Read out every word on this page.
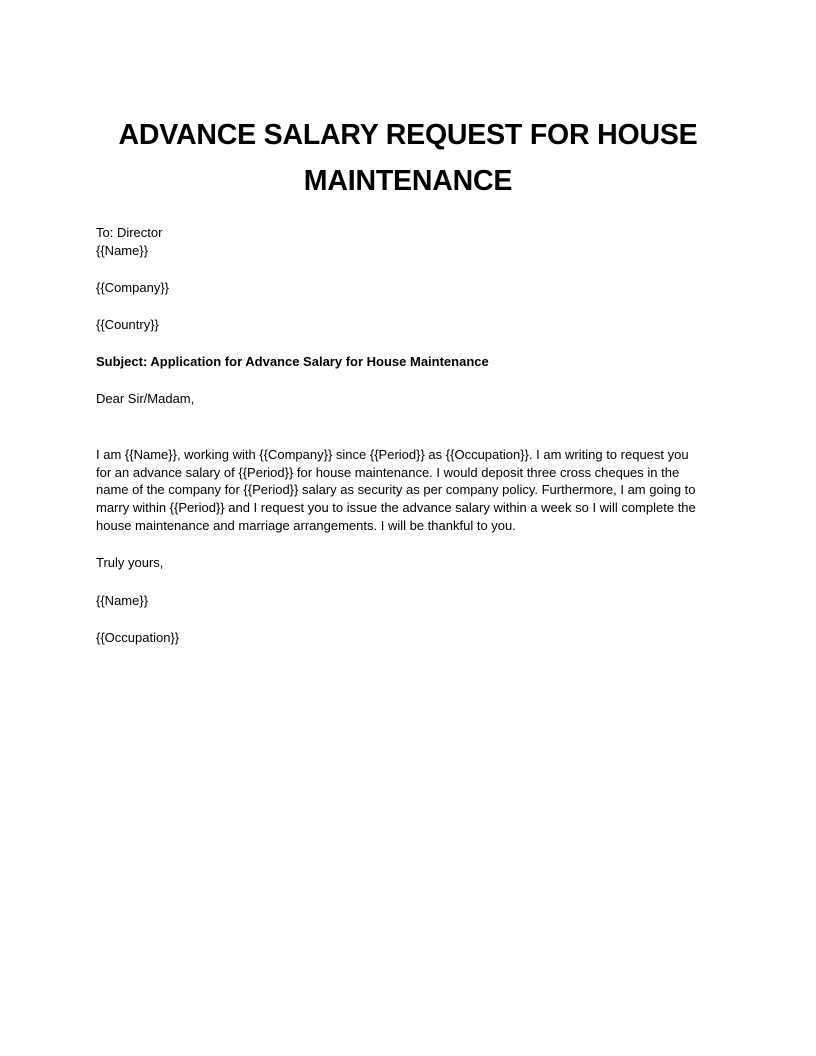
ADVANCE SALARY REQUEST FOR HOUSE
MAINTENANCE

To: Director

{{Name}}

{{Company}}

{{Country}}

Subject: Application for Advance Salary for House Maintenance

Dear Sir/Madam,

I am {{Name}}, working with {{Company}} since {{Period}} as {{Occupation}}. I am writing to request you
for an advance salary of {{Period}} for house maintenance. I would deposit three cross cheques in the
name of the company for {{Period}} salary as security as per company policy. Furthermore, I am going to
marry within {{Period}} and I request you to issue the advance salary within a week so I will complete the
house maintenance and marriage arrangements. I will be thankful to you.

Truly yours,

{{Name}}

{{Occupation}}
